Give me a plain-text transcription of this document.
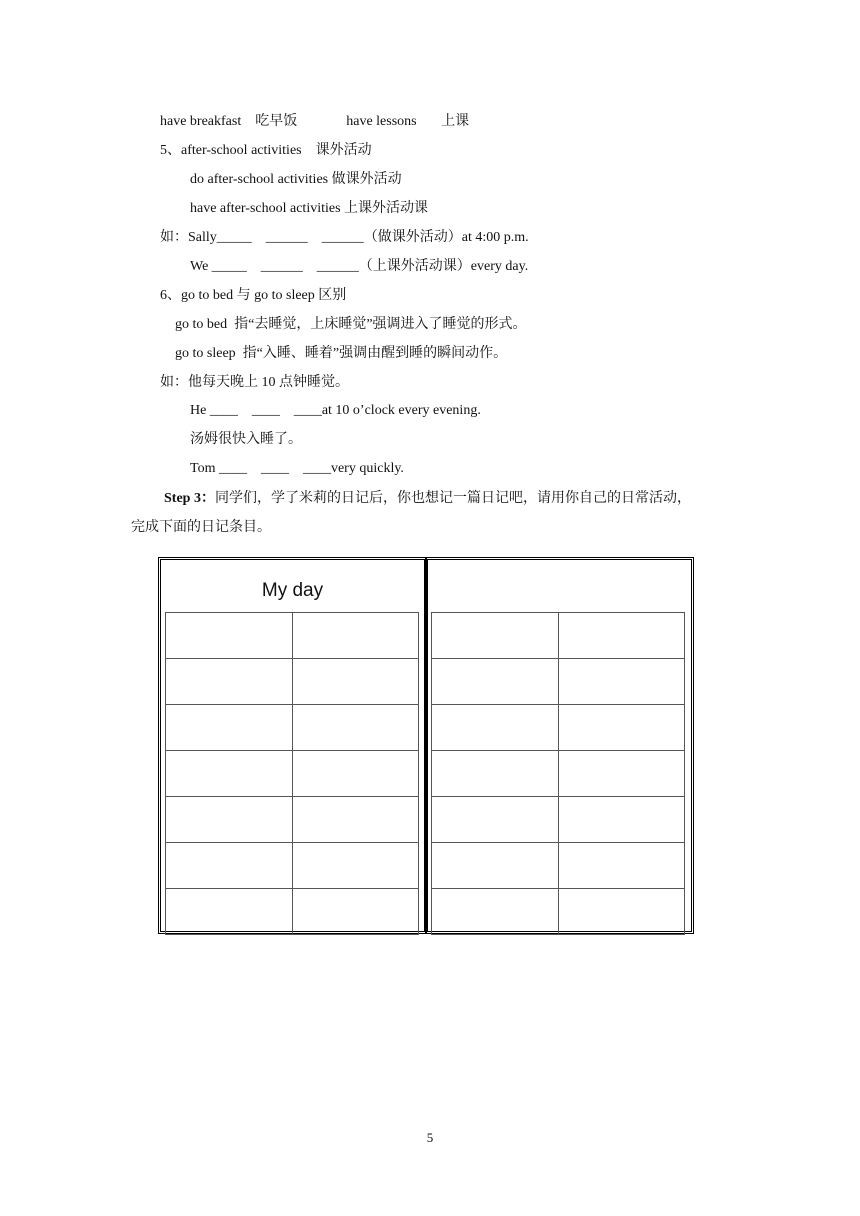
have breakfast    吃早饭              have lessons       上课
5、after-school activities    课外活动
do after-school activities 做课外活动
have after-school activities 上课外活动课
如：Sally_____    ______    ______（做课外活动）at 4:00 p.m.
We _____    ______    ______（上课外活动课）every day.
6、go to bed 与 go to sleep 区别
go to bed  指“去睡觉，上床睡觉”强调进入了睡觉的形式。
go to sleep  指“入睡、睡着”强调由醒到睡的瞬间动作。
如：他每天晚上 10 点钟睡觉。
He ____    ____    ____at 10 o’clock every evening.
汤姆很快入睡了。
Tom ____    ____    ____very quickly.
Step 3：同学们，学了米莉的日记后，你也想记一篇日记吧，请用你自己的日常活动，
完成下面的日记条目。
My day

5
